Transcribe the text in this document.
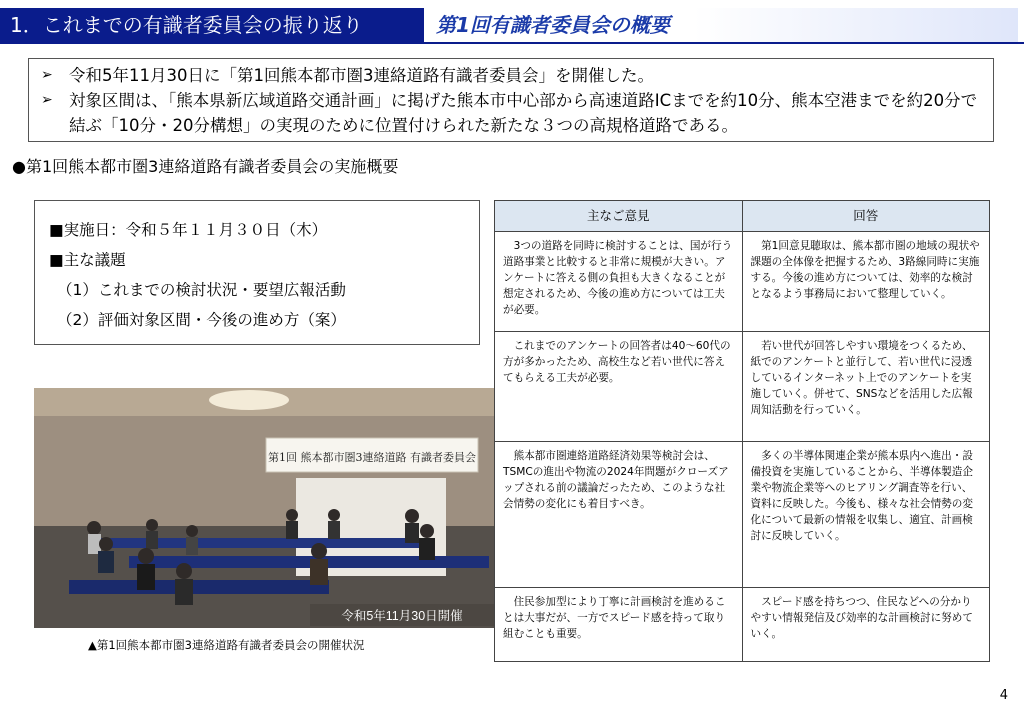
1．これまでの有識者委員会の振り返り	第1回有識者委員会の概要
➢ 令和5年11月30日に「第1回熊本都市圏3連絡道路有識者委員会」を開催した。
➢ 対象区間は、「熊本県新広域道路交通計画」に掲げた熊本市中心部から高速道路ICまでを約10分、熊本空港までを約20分で結ぶ「10分・20分構想」の実現のために位置付けられた新たな３つの高規格道路である。
●第1回熊本都市圏3連絡道路有識者委員会の実施概要
■実施日：令和５年１１月３０日（木）
■主な議題
（1）これまでの検討状況・要望広報活動
（2）評価対象区間・今後の進め方（案）
第1回 熊本都市圏3連絡道路 有識者委員会
令和5年11月30日開催
▲第1回熊本都市圏3連絡道路有識者委員会の開催状況
主なご意見	回答
3つの道路を同時に検討することは、国が行う道路事業と比較すると非常に規模が大きい。アンケートに答える側の負担も大きくなることが想定されるため、今後の進め方については工夫が必要。	第1回意見聴取は、熊本都市圏の地域の現状や課題の全体像を把握するため、3路線同時に実施する。今後の進め方については、効率的な検討となるよう事務局において整理していく。
これまでのアンケートの回答者は40～60代の方が多かったため、高校生など若い世代に答えてもらえる工夫が必要。	若い世代が回答しやすい環境をつくるため、紙でのアンケートと並行して、若い世代に浸透しているインターネット上でのアンケートを実施していく。併せて、SNSなどを活用した広報周知活動を行っていく。
熊本都市圏連絡道路経済効果等検討会は、TSMCの進出や物流の2024年問題がクローズアップされる前の議論だったため、このような社会情勢の変化にも着目すべき。	多くの半導体関連企業が熊本県内へ進出・設備投資を実施していることから、半導体製造企業や物流企業等へのヒアリング調査等を行い、資料に反映した。今後も、様々な社会情勢の変化について最新の情報を収集し、適宜、計画検討に反映していく。
住民参加型により丁寧に計画検討を進めることは大事だが、一方でスピード感を持って取り組むことも重要。	スピード感を持ちつつ、住民などへの分かりやすい情報発信及び効率的な計画検討に努めていく。
4
